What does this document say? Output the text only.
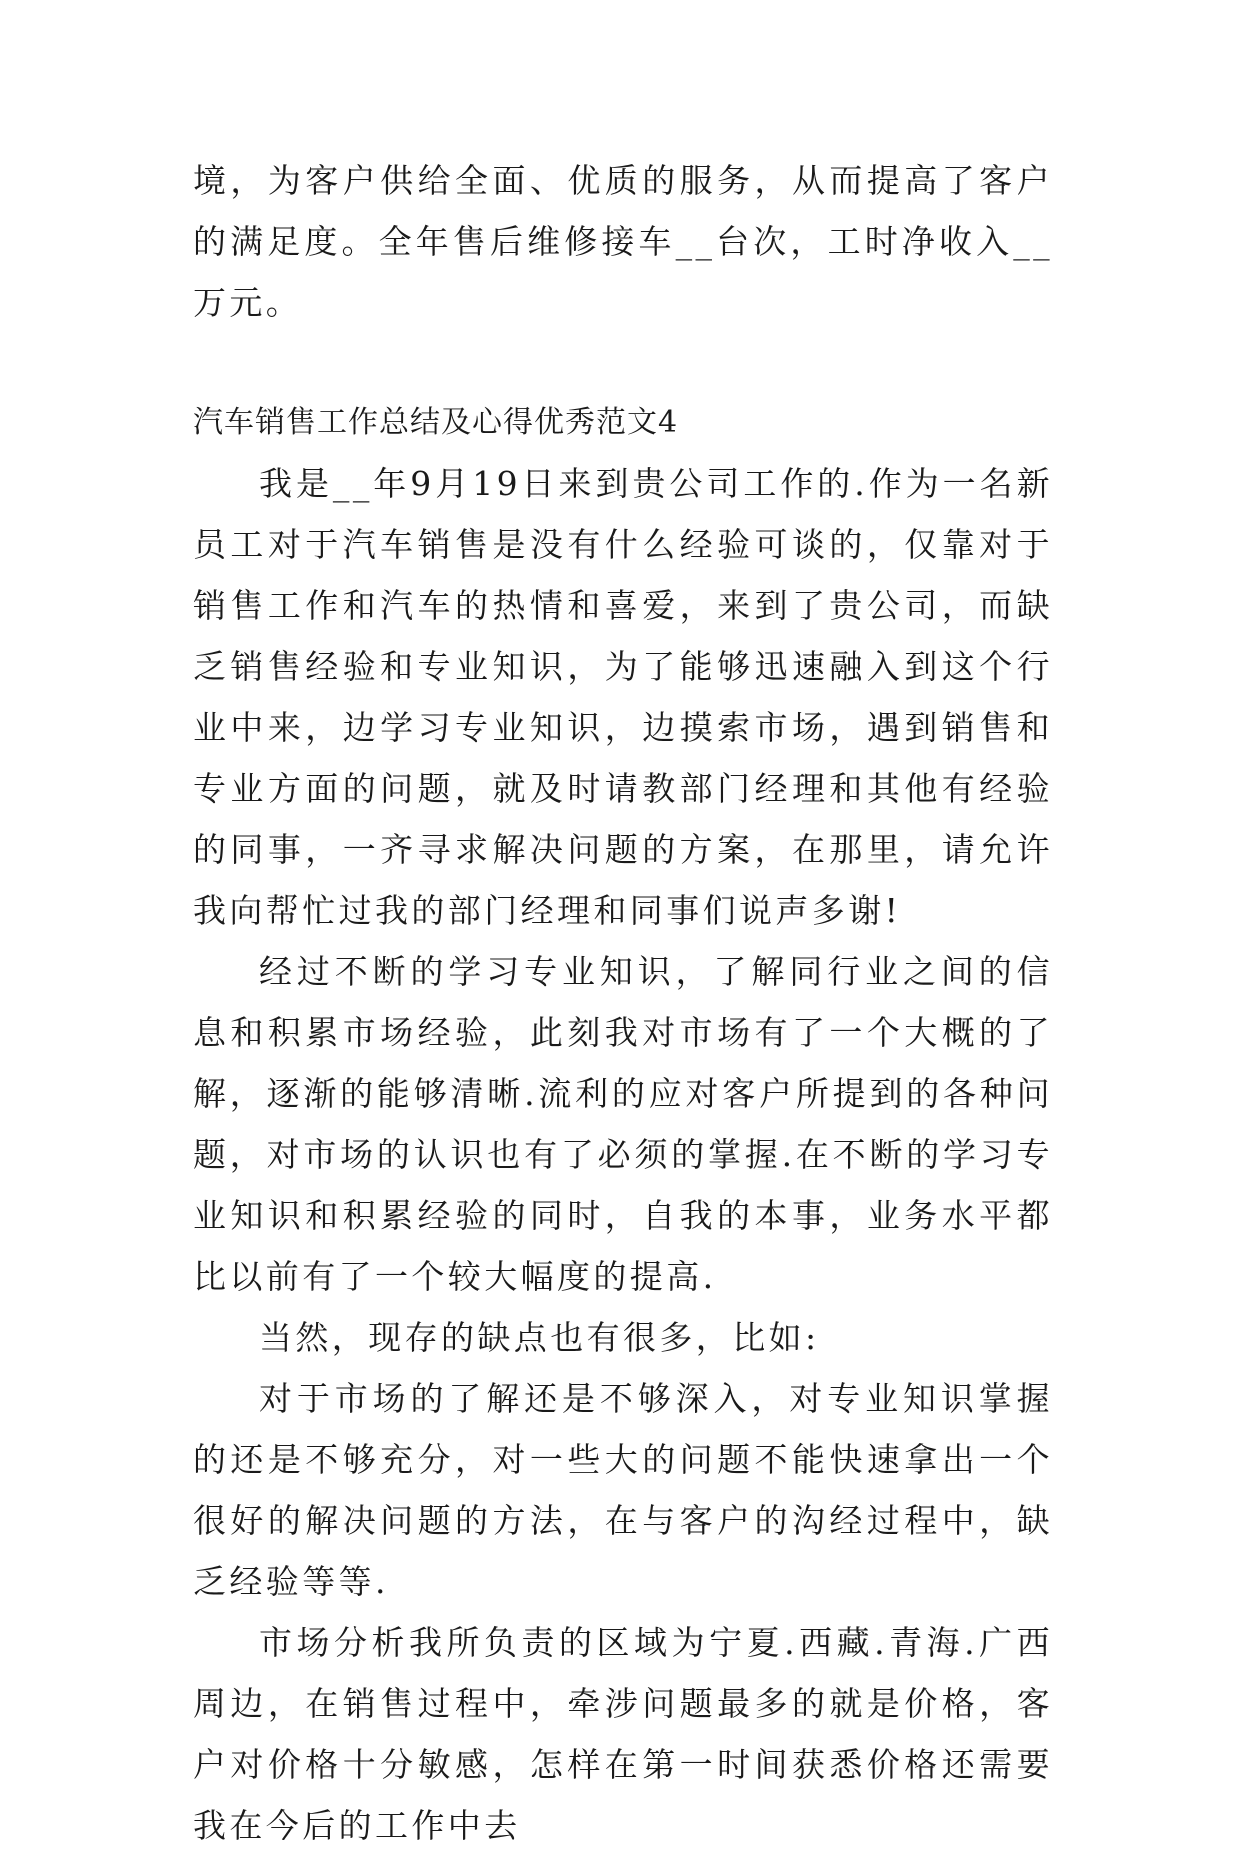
境，为客户供给全面、优质的服务，从而提高了客户的满足度。全年售后维修接车__台次，工时净收入__万元。

汽车销售工作总结及心得优秀范文4

我是__年9月19日来到贵公司工作的.作为一名新员工对于汽车销售是没有什么经验可谈的，仅靠对于销售工作和汽车的热情和喜爱，来到了贵公司，而缺乏销售经验和专业知识，为了能够迅速融入到这个行业中来，边学习专业知识，边摸索市场，遇到销售和专业方面的问题，就及时请教部门经理和其他有经验的同事，一齐寻求解决问题的方案，在那里，请允许我向帮忙过我的部门经理和同事们说声多谢!

经过不断的学习专业知识，了解同行业之间的信息和积累市场经验，此刻我对市场有了一个大概的了解，逐渐的能够清晰.流利的应对客户所提到的各种问题，对市场的认识也有了必须的掌握.在不断的学习专业知识和积累经验的同时，自我的本事，业务水平都比以前有了一个较大幅度的提高.

当然，现存的缺点也有很多，比如:

对于市场的了解还是不够深入，对专业知识掌握的还是不够充分，对一些大的问题不能快速拿出一个很好的解决问题的方法，在与客户的沟经过程中，缺乏经验等等.

市场分析我所负责的区域为宁夏.西藏.青海.广西周边，在销售过程中，牵涉问题最多的就是价格，客户对价格十分敏感，怎样在第一时间获悉价格还需要我在今后的工作中去
